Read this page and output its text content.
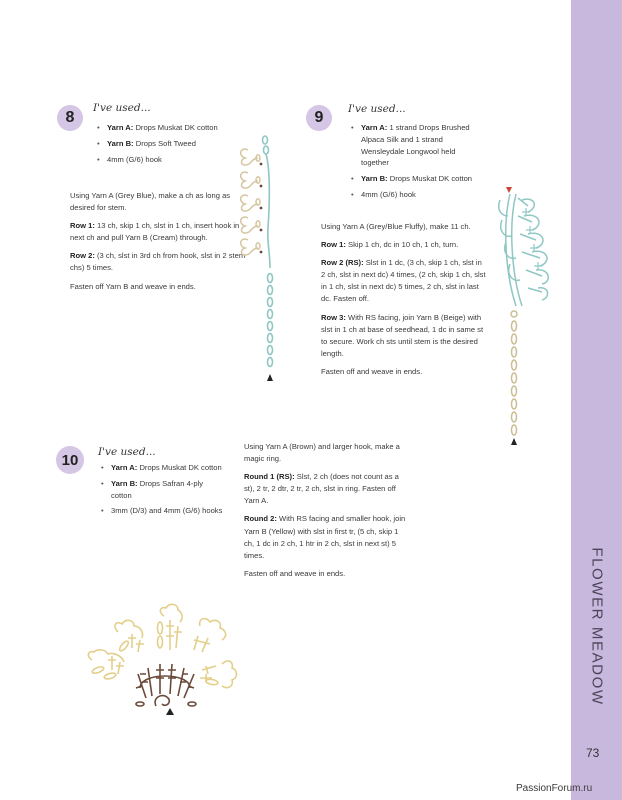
FLOWER MEADOW
73
PassionForum.ru
8
I've used...
• Yarn A: Drops Muskat DK cotton
• Yarn B: Drops Soft Tweed
• 4mm (G/6) hook

Using Yarn A (Grey Blue), make a ch as long as desired for stem.

Row 1: 13 ch, skip 1 ch, slst in 1 ch, insert hook in next ch and pull Yarn B (Cream) through.

Row 2: (3 ch, slst in 3rd ch from hook, slst in 2 stem chs) 5 times.

Fasten off Yarn B and weave in ends.

9	I've used...
• Yarn A: 1 strand Drops Brushed Alpaca Silk and 1 strand Wensleydale Longwool held together
• Yarn B: Drops Muskat DK cotton
• 4mm (G/6) hook

Using Yarn A (Grey/Blue Fluffy), make 11 ch.

Row 1: Skip 1 ch, dc in 10 ch, 1 ch, turn.

Row 2 (RS): Slst in 1 dc, (3 ch, skip 1 ch, slst in 2 ch, slst in next dc) 4 times, (2 ch, skip 1 ch, slst in 1 ch, slst in next dc) 5 times, 2 ch, slst in last dc. Fasten off.

Row 3: With RS facing, join Yarn B (Beige) with slst in 1 ch at base of seedhead, 1 dc in same st to secure. Work ch sts until stem is the desired length.

Fasten off and weave in ends.

10	I've used...
• Yarn A: Drops Muskat DK cotton
• Yarn B: Drops Safran 4-ply cotton
• 3mm (D/3) and 4mm (G/6) hooks

Using Yarn A (Brown) and larger hook, make a magic ring.

Round 1 (RS): Slst, 2 ch (does not count as a st), 2 tr, 2 dtr, 2 tr, 2 ch, slst in ring. Fasten off Yarn A.

Round 2: With RS facing and smaller hook, join Yarn B (Yellow) with slst in first tr, (5 ch, skip 1 ch, 1 dc in 2 ch, 1 htr in 2 ch, slst in next st) 5 times.

Fasten off and weave in ends.
